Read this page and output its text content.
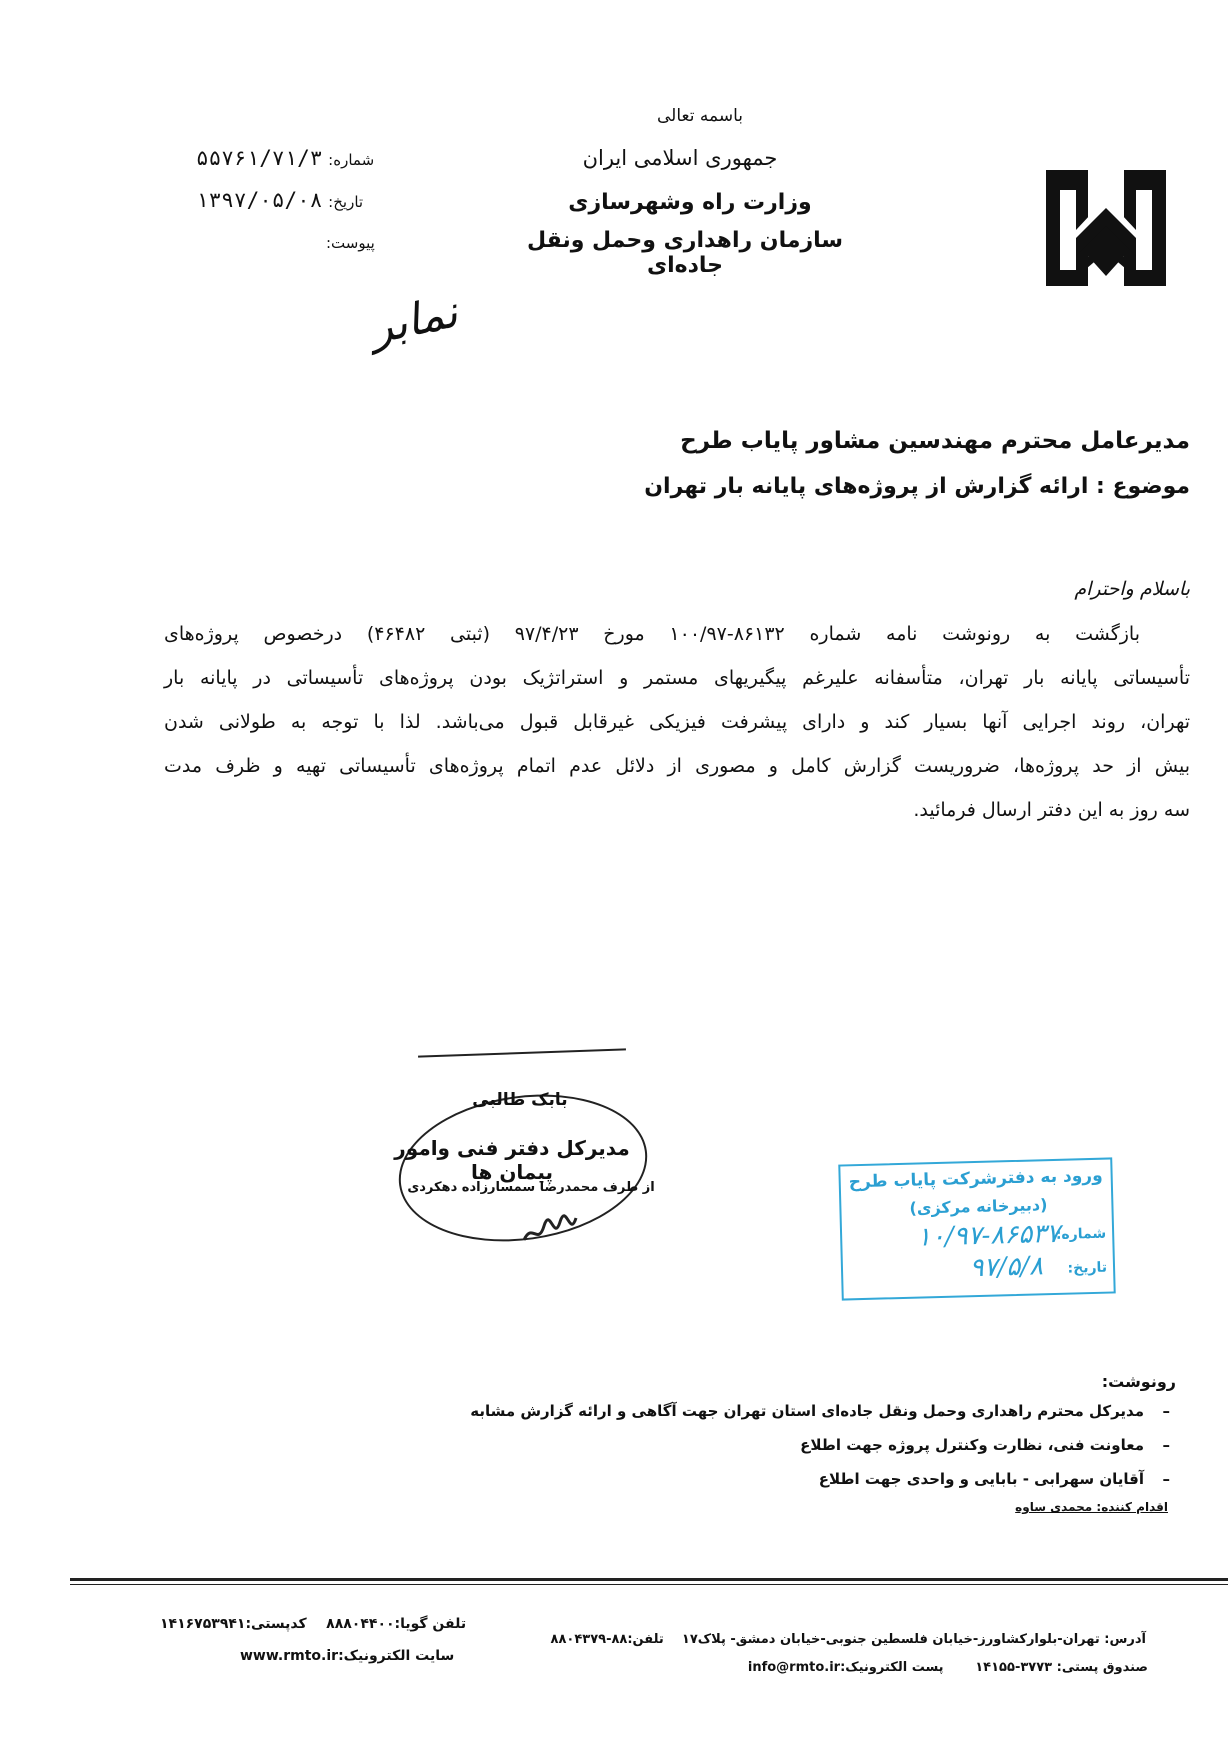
باسمه تعالی
جمهوری اسلامی ایران
وزارت راه وشهرسازی
سازمان راهداری وحمل ونقل جاده‌ای
شماره: ۵۵۷۶۱/۷۱/۳
تاریخ: ۱۳۹۷/۰۵/۰۸
پیوست:
نمابر
مدیرعامل محترم مهندسین مشاور پایاب طرح
موضوع : ارائه گزارش از پروژه‌های پایانه بار تهران
باسلام واحترام
بازگشت به رونوشت نامه شماره ۸۶۱۳۲-۱۰۰/۹۷ مورخ ۹۷/۴/۲۳ (ثبتی ۴۶۴۸۲) درخصوص پروژه‌های
تأسیساتی پایانه بار تهران، متأسفانه علیرغم پیگیریهای مستمر و استراتژیک بودن پروژه‌های تأسیساتی در پایانه بار
تهران، روند اجرایی آنها بسیار کند و دارای پیشرفت فیزیکی غیرقابل قبول می‌باشد. لذا با توجه به طولانی شدن
بیش از حد پروژه‌ها، ضروریست گزارش کامل و مصوری از دلائل عدم اتمام پروژه‌های تأسیساتی تهیه و ظرف مدت
سه روز به این دفتر ارسال فرمائید.
بابک طالبی
مدیرکل دفتر فنی وامور پیمان ها
از طرف محمدرضا سمسارزاده دهکردی	ورود به دفترشرکت پایاب طرح
(دبیرخانه مرکزی)
شماره:
۱۰/۹۷-۸۶۵۳۷
تاریخ:
۹۷/۵/۸
رونوشت:
مدیرکل محترم راهداری وحمل ونقل جاده‌ای استان تهران جهت آگاهی و ارائه گزارش مشابه –
معاونت فنی، نظارت وکنترل پروژه جهت اطلاع –
آقایان سهرابی - بابایی و واحدی جهت اطلاع –
اقدام کننده: محمدی ساوه
آدرس: تهران-بلوارکشاورز-خیابان فلسطین جنوبی-خیابان دمشق- پلاک۱۷    تلفن:۸۸-۸۸۰۴۳۷۹
تلفن گویا:۸۸۸۰۴۴۰۰    کدپستی:۱۴۱۶۷۵۳۹۴۱
صندوق پستی: ۳۷۷۳-۱۴۱۵۵       پست الکترونیک:info@rmto.ir
سایت الکترونیک:www.rmto.ir
